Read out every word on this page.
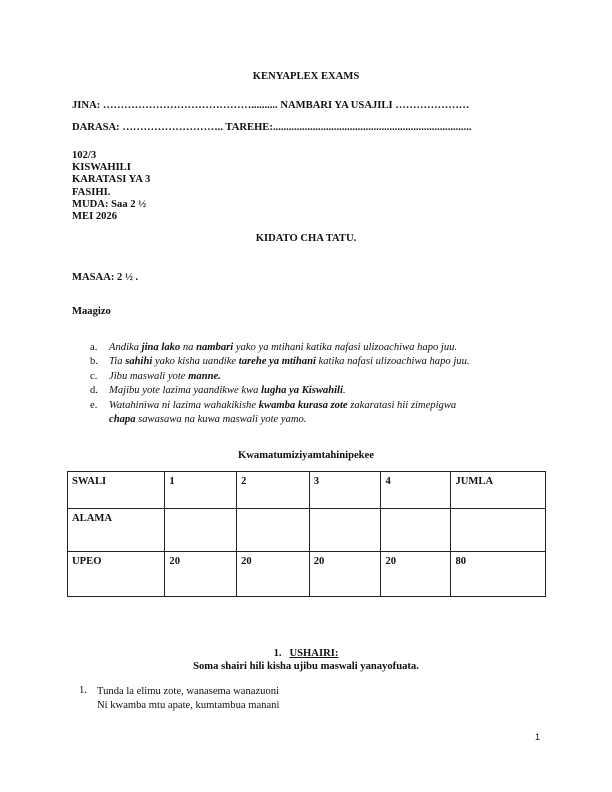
KENYAPLEX EXAMS
JINA: …………………………………….......... NAMBARI YA USAJILI …………………
DARASA: ……………………….. TAREHE:...........................................................................
102/3
KISWAHILI
KARATASI YA 3
FASIHI.
MUDA: Saa 2 ½
MEI 2026
KIDATO CHA TATU.
MASAA: 2 ½ .
Maagizo
a. Andika jina lako na nambari yako ya mtihani katika nafasi ulizoachiwa hapo juu.
b. Tia sahihi yako kisha uandike tarehe ya mtihani katika nafasi ulizoachiwa hapo juu.
c. Jibu maswali yote manne.
d. Majibu yote lazima yaandikwe kwa lugha ya Kiswahili.
e. Watahiniwa ni lazima wahakikishe kwamba kurasa zote zakaratasi hii zimepigwa
chapa sawasawa na kuwa maswali yote yamo.
Kwamatumiziyamtahinipekee
SWALI	1	2	3	4	JUMLA
ALAMA					
UPEO	20	20	20	20	80
1. USHAIRI:
Soma shairi hili kisha ujibu maswali yanayofuata.
1. Tunda la elimu zote, wanasema wanazuoni
Ni kwamba mtu apate, kumtambua manani
1
